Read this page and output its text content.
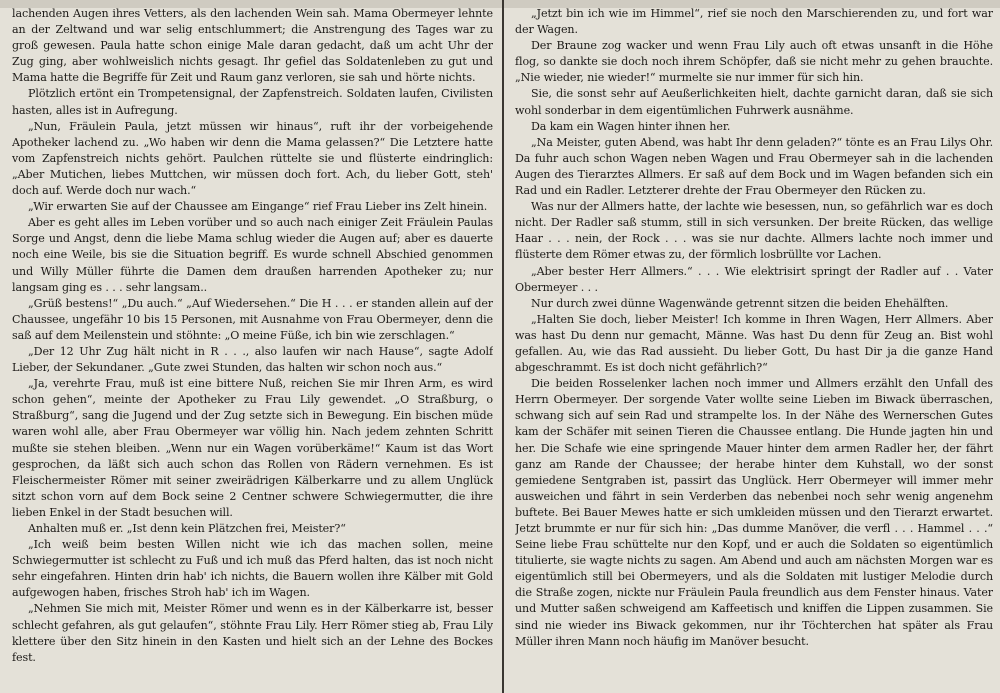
lachenden Augen ihres Vetters, als den lachenden Wein sah. Mama Obermeyer lehnte an der Zeltwand und war selig entschlummert; die Anstrengung des Tages war zu groß gewesen. Paula hatte schon einige Male daran gedacht, daß um acht Uhr der Zug ging, aber wohlweislich nichts gesagt. Ihr gefiel das Soldatenleben zu gut und Mama hatte die Begriffe für Zeit und Raum ganz verloren, sie sah und hörte nichts.

Plötzlich ertönt ein Trompetensignal, der Zapfenstreich. Soldaten laufen, Civilisten hasten, alles ist in Aufregung.

„Nun, Fräulein Paula, jetzt müssen wir hinaus“, ruft ihr der vorbeigehende Apotheker lachend zu. „Wo haben wir denn die Mama gelassen?“ Die Letztere hatte vom Zapfenstreich nichts gehört. Paulchen rüttelte sie und flüsterte eindringlich: „Aber Mutichen, liebes Muttchen, wir müssen doch fort. Ach, du lieber Gott, steh' doch auf. Werde doch nur wach.“

„Wir erwarten Sie auf der Chaussee am Eingange“ rief Frau Lieber ins Zelt hinein.

Aber es geht alles im Leben vorüber und so auch nach einiger Zeit Fräulein Paulas Sorge und Angst, denn die liebe Mama schlug wieder die Augen auf; aber es dauerte noch eine Weile, bis sie die Situation begriff. Es wurde schnell Abschied genommen und Willy Müller führte die Damen dem draußen harrenden Apotheker zu; nur langsam ging es . . . sehr langsam..

„Grüß bestens!“ „Du auch.“ „Auf Wiedersehen.“ Die H . . . er standen allein auf der Chaussee, ungefähr 10 bis 15 Personen, mit Ausnahme von Frau Obermeyer, denn die saß auf dem Meilenstein und stöhnte: „O meine Füße, ich bin wie zerschlagen.“

„Der 12 Uhr Zug hält nicht in R . . ., also laufen wir nach Hause“, sagte Adolf Lieber, der Sekundaner. „Gute zwei Stunden, das halten wir schon noch aus.“

„Ja, verehrte Frau, muß ist eine bittere Nuß, reichen Sie mir Ihren Arm, es wird schon gehen“, meinte der Apotheker zu Frau Lily gewendet. „O Straßburg, o Straßburg“, sang die Jugend und der Zug setzte sich in Bewegung. Ein bischen müde waren wohl alle, aber Frau Obermeyer war völlig hin. Nach jedem zehnten Schritt mußte sie stehen bleiben. „Wenn nur ein Wagen vorüberkäme!“ Kaum ist das Wort gesprochen, da läßt sich auch schon das Rollen von Rädern vernehmen. Es ist Fleischermeister Römer mit seiner zweirädrigen Kälberkarre und zu allem Unglück sitzt schon vorn auf dem Bock seine 2 Centner schwere Schwiegermutter, die ihre lieben Enkel in der Stadt besuchen will.

Anhalten muß er. „Ist denn kein Plätzchen frei, Meister?“

„Ich weiß beim besten Willen nicht wie ich das machen sollen, meine Schwiegermutter ist schlecht zu Fuß und ich muß das Pferd halten, das ist noch nicht sehr eingefahren. Hinten drin hab' ich nichts, die Bauern wollen ihre Kälber mit Gold aufgewogen haben, frisches Stroh hab' ich im Wagen.

„Nehmen Sie mich mit, Meister Römer und wenn es in der Kälberkarre ist, besser schlecht gefahren, als gut gelaufen“, stöhnte Frau Lily. Herr Römer stieg ab, Frau Lily klettere über den Sitz hinein in den Kasten und hielt sich an der Lehne des Bockes fest.

„Jetzt bin ich wie im Himmel“, rief sie noch den Marschierenden zu, und fort war der Wagen.

Der Braune zog wacker und wenn Frau Lily auch oft etwas unsanft in die Höhe flog, so dankte sie doch noch ihrem Schöpfer, daß sie nicht mehr zu gehen brauchte. „Nie wieder, nie wieder!“ murmelte sie nur immer für sich hin.

Sie, die sonst sehr auf Aeußerlichkeiten hielt, dachte garnicht daran, daß sie sich wohl sonderbar in dem eigentümlichen Fuhrwerk ausnähme.

Da kam ein Wagen hinter ihnen her.

„Na Meister, guten Abend, was habt Ihr denn geladen?“ tönte es an Frau Lilys Ohr. Da fuhr auch schon Wagen neben Wagen und Frau Obermeyer sah in die lachenden Augen des Tierarztes Allmers. Er saß auf dem Bock und im Wagen befanden sich ein Rad und ein Radler. Letzterer drehte der Frau Obermeyer den Rücken zu.

Was nur der Allmers hatte, der lachte wie besessen, nun, so gefährlich war es doch nicht. Der Radler saß stumm, still in sich versunken. Der breite Rücken, das wellige Haar . . . nein, der Rock . . . was sie nur dachte. Allmers lachte noch immer und flüsterte dem Römer etwas zu, der förmlich losbrüllte vor Lachen.

„Aber bester Herr Allmers.“ . . . Wie elektrisirt springt der Radler auf . . Vater Obermeyer . . .

Nur durch zwei dünne Wagenwände getrennt sitzen die beiden Ehehälften.

„Halten Sie doch, lieber Meister! Ich komme in Ihren Wagen, Herr Allmers. Aber was hast Du denn nur gemacht, Männe. Was hast Du denn für Zeug an. Bist wohl gefallen. Au, wie das Rad aussieht. Du lieber Gott, Du hast Dir ja die ganze Hand abgeschrammt. Es ist doch nicht gefährlich?“

Die beiden Rosselenker lachen noch immer und Allmers erzählt den Unfall des Herrn Obermeyer. Der sorgende Vater wollte seine Lieben im Biwack überraschen, schwang sich auf sein Rad und strampelte los. In der Nähe des Wernerschen Gutes kam der Schäfer mit seinen Tieren die Chaussee entlang. Die Hunde jagten hin und her. Die Schafe wie eine springende Mauer hinter dem armen Radler her, der fährt ganz am Rande der Chaussee; der herabe hinter dem Kuhstall, wo der sonst gemiedene Sentgraben ist, passirt das Unglück. Herr Obermeyer will immer mehr ausweichen und fährt in sein Verderben das nebenbei noch sehr wenig angenehm buftete. Bei Bauer Mewes hatte er sich umkleiden müssen und den Tierarzt erwartet. Jetzt brummte er nur für sich hin: „Das dumme Manöver, die verfl . . . Hammel . . .“ Seine liebe Frau schüttelte nur den Kopf, und er auch die Soldaten so eigentümlich titulierte, sie wagte nichts zu sagen. Am Abend und auch am nächsten Morgen war es eigentümlich still bei Obermeyers, und als die Soldaten mit lustiger Melodie durch die Straße zogen, nickte nur Fräulein Paula freundlich aus dem Fenster hinaus. Vater und Mutter saßen schweigend am Kaffeetisch und kniffen die Lippen zusammen. Sie sind nie wieder ins Biwack gekommen, nur ihr Töchterchen hat später als Frau Müller ihren Mann noch häufig im Manöver besucht.
